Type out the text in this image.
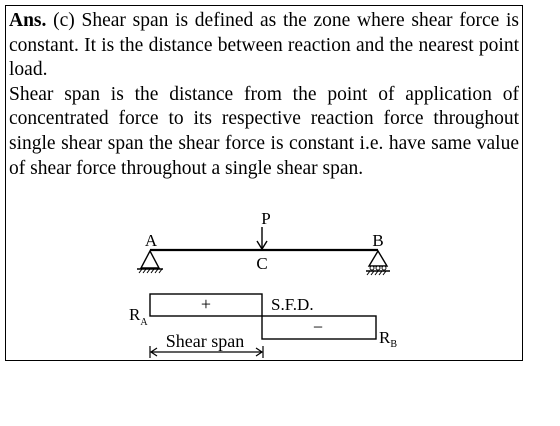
Ans. (c) Shear span is defined as the zone where shear force is constant. It is the distance between reaction and the nearest point load.

Shear span is the distance from the point of application of concentrated force to its respective reaction force throughout single shear span the shear force is constant i.e. have same value of shear force throughout a single shear span.

P
A	B
C
+
−
S.F.D.
$R_A$
$R_B$
Shear span
